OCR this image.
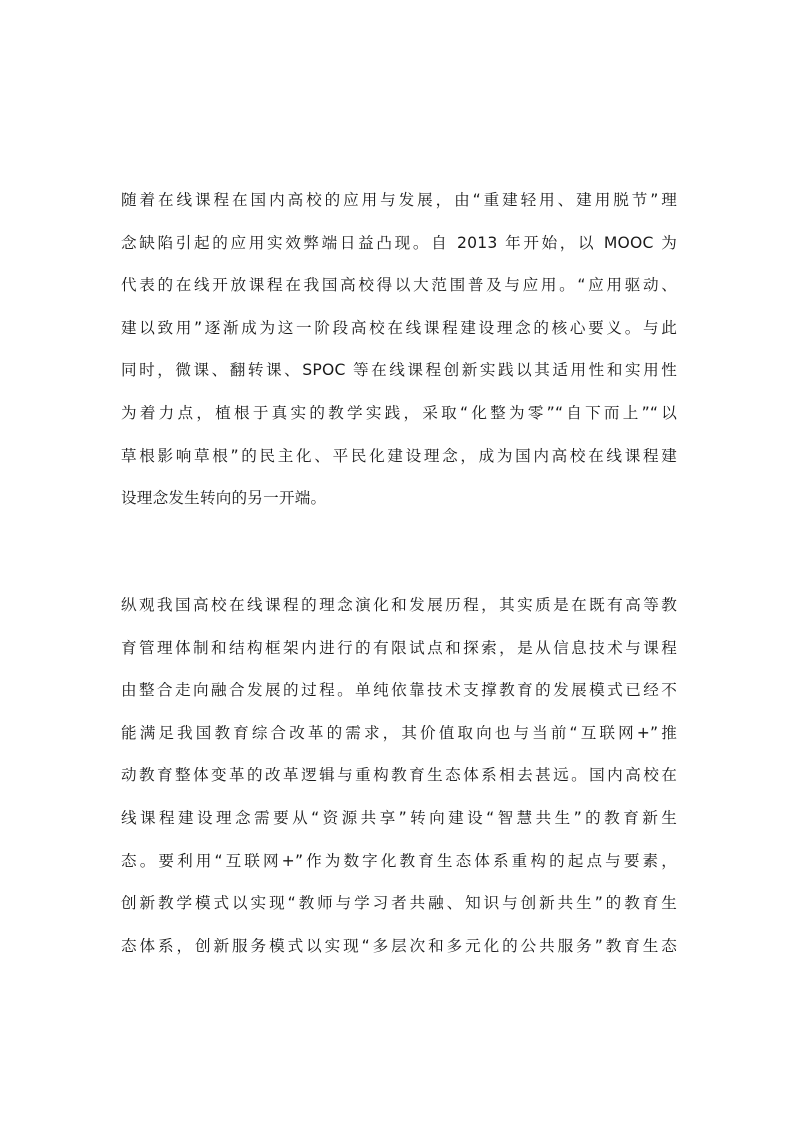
随着在线课程在国内高校的应用与发展，由“重建轻用、建用脱节”理
念缺陷引起的应用实效弊端日益凸现。自 2013 年开始，以 MOOC 为
代表的在线开放课程在我国高校得以大范围普及与应用。“应用驱动、
建以致用”逐渐成为这一阶段高校在线课程建设理念的核心要义。与此
同时，微课、翻转课、SPOC 等在线课程创新实践以其适用性和实用性
为着力点，植根于真实的教学实践，采取“化整为零”“自下而上”“以
草根影响草根”的民主化、平民化建设理念，成为国内高校在线课程建
设理念发生转向的另一开端。
纵观我国高校在线课程的理念演化和发展历程，其实质是在既有高等教
育管理体制和结构框架内进行的有限试点和探索，是从信息技术与课程
由整合走向融合发展的过程。单纯依靠技术支撑教育的发展模式已经不
能满足我国教育综合改革的需求，其价值取向也与当前“互联网+”推
动教育整体变革的改革逻辑与重构教育生态体系相去甚远。国内高校在
线课程建设理念需要从“资源共享”转向建设“智慧共生”的教育新生
态。要利用“互联网+”作为数字化教育生态体系重构的起点与要素，
创新教学模式以实现“教师与学习者共融、知识与创新共生”的教育生
态体系，创新服务模式以实现“多层次和多元化的公共服务”教育生态
